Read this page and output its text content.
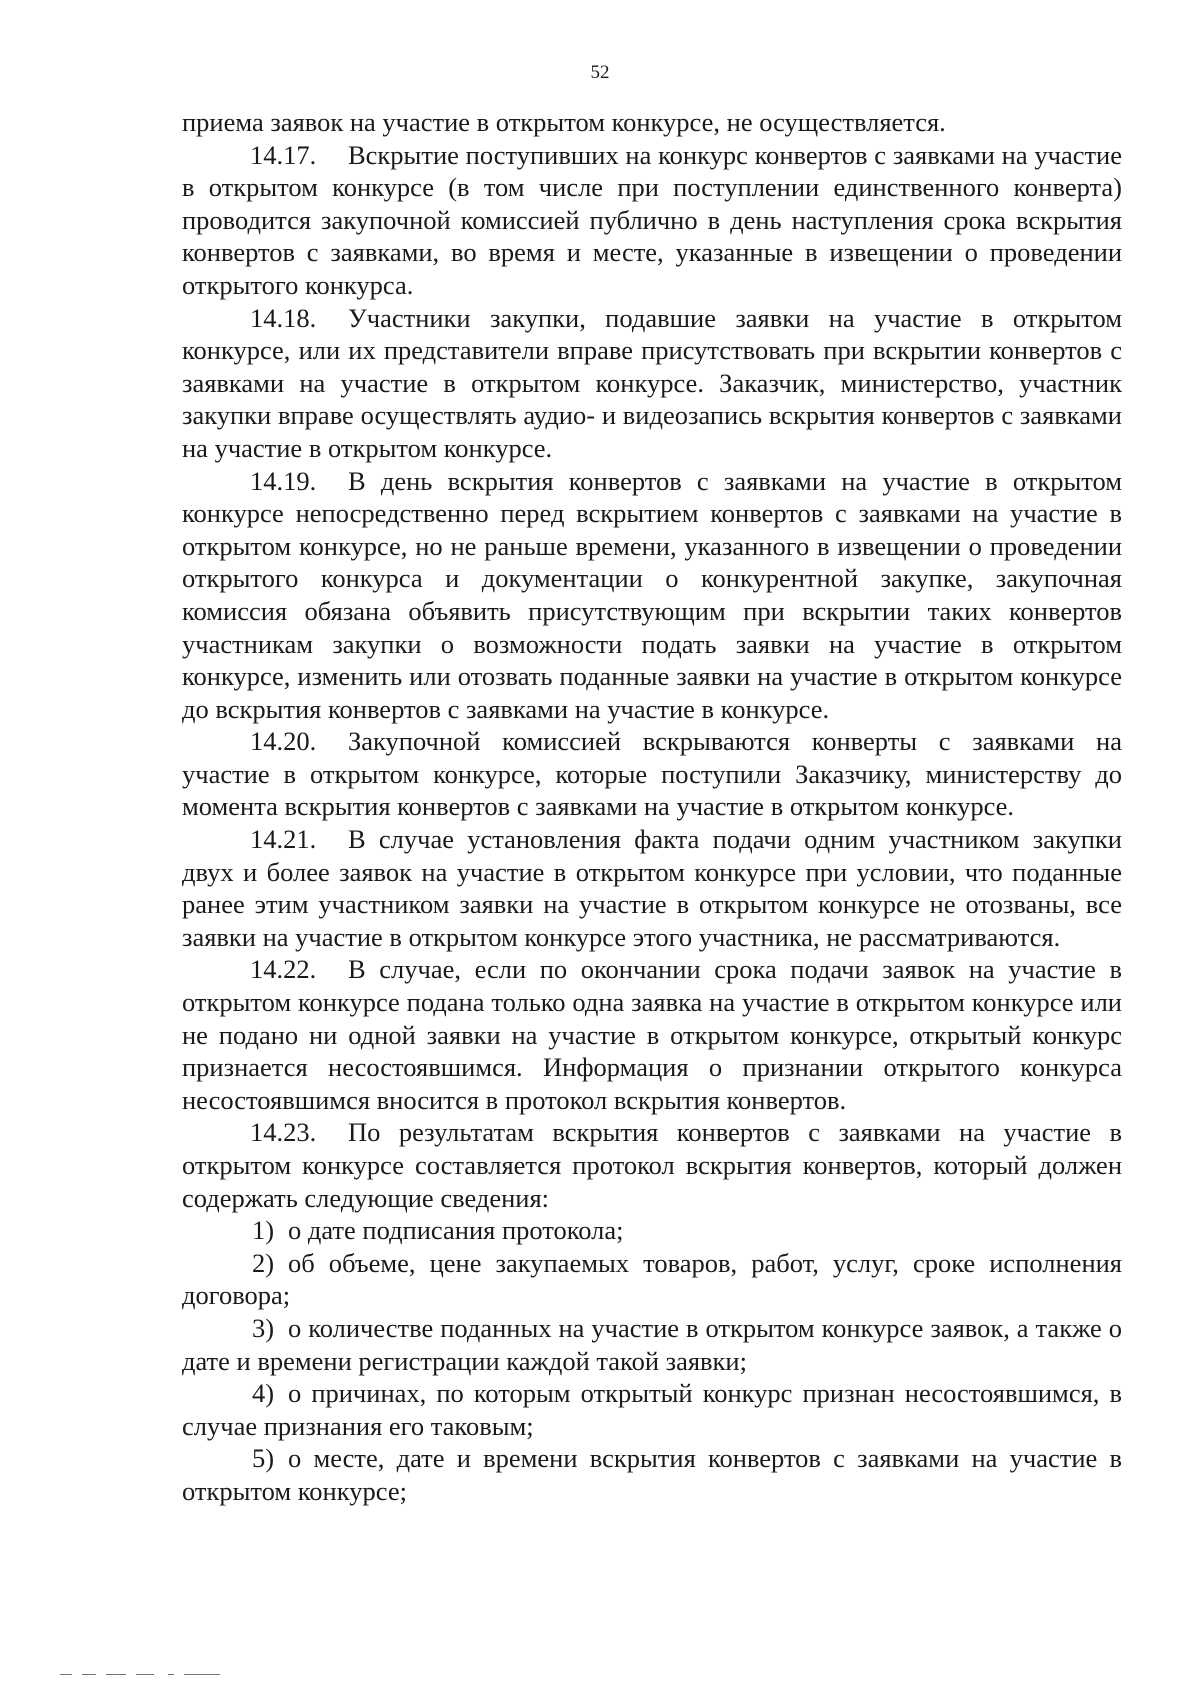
52

приема заявок на участие в открытом конкурсе, не осуществляется.

14.17. Вскрытие поступивших на конкурс конвертов с заявками на участие в открытом конкурсе (в том числе при поступлении единственного конверта) проводится закупочной комиссией публично в день наступления срока вскрытия конвертов с заявками, во время и месте, указанные в извещении о проведении открытого конкурса.

14.18. Участники закупки, подавшие заявки на участие в открытом конкурсе, или их представители вправе присутствовать при вскрытии конвертов с заявками на участие в открытом конкурсе. Заказчик, министерство, участник закупки вправе осуществлять аудио- и видеозапись вскрытия конвертов с заявками на участие в открытом конкурсе.

14.19. В день вскрытия конвертов с заявками на участие в открытом конкурсе непосредственно перед вскрытием конвертов с заявками на участие в открытом конкурсе, но не раньше времени, указанного в извещении о проведении открытого конкурса и документации о конкурентной закупке, закупочная комиссия обязана объявить присутствующим при вскрытии таких конвертов участникам закупки о возможности подать заявки на участие в открытом конкурсе, изменить или отозвать поданные заявки на участие в открытом конкурсе до вскрытия конвертов с заявками на участие в конкурсе.

14.20. Закупочной комиссией вскрываются конверты с заявками на участие в открытом конкурсе, которые поступили Заказчику, министерству до момента вскрытия конвертов с заявками на участие в открытом конкурсе.

14.21. В случае установления факта подачи одним участником закупки двух и более заявок на участие в открытом конкурсе при условии, что поданные ранее этим участником заявки на участие в открытом конкурсе не отозваны, все заявки на участие в открытом конкурсе этого участника, не рассматриваются.

14.22. В случае, если по окончании срока подачи заявок на участие в открытом конкурсе подана только одна заявка на участие в открытом конкурсе или не подано ни одной заявки на участие в открытом конкурсе, открытый конкурс признается несостоявшимся. Информация о признании открытого конкурса несостоявшимся вносится в протокол вскрытия конвертов.

14.23. По результатам вскрытия конвертов с заявками на участие в открытом конкурсе составляется протокол вскрытия конвертов, который должен содержать следующие сведения:

1) о дате подписания протокола;

2) об объеме, цене закупаемых товаров, работ, услуг, сроке исполнения договора;

3) о количестве поданных на участие в открытом конкурсе заявок, а также о дате и времени регистрации каждой такой заявки;

4) о причинах, по которым открытый конкурс признан несостоявшимся, в случае признания его таковым;

5) о месте, дате и времени вскрытия конвертов с заявками на участие в открытом конкурсе;
